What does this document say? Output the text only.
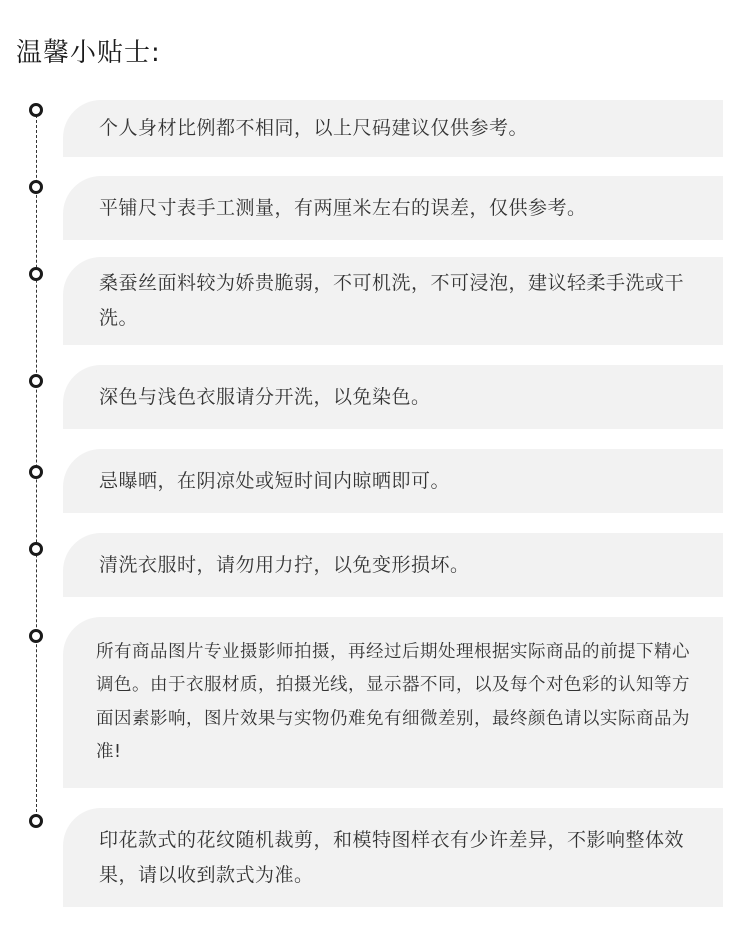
温馨小贴士:
个人身材比例都不相同，以上尺码建议仅供参考。
平铺尺寸表手工测量，有两厘米左右的误差，仅供参考。
桑蚕丝面料较为娇贵脆弱，不可机洗，不可浸泡，建议轻柔手洗或干洗。
深色与浅色衣服请分开洗，以免染色。
忌曝晒，在阴凉处或短时间内晾晒即可。
清洗衣服时，请勿用力拧，以免变形损坏。
所有商品图片专业摄影师拍摄，再经过后期处理根据实际商品的前提下精心调色。由于衣服材质，拍摄光线，显示器不同，以及每个对色彩的认知等方面因素影响，图片效果与实物仍难免有细微差别，最终颜色请以实际商品为准!
印花款式的花纹随机裁剪，和模特图样衣有少许差异，不影响整体效果，请以收到款式为准。
